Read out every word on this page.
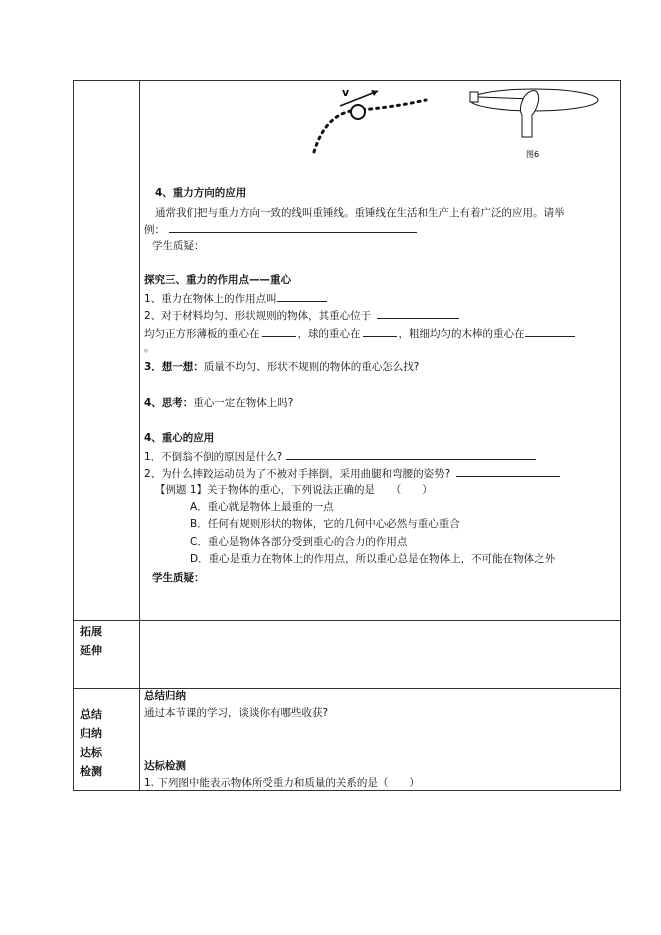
拓展
延伸
总结
归纳
达标
检测
v
图6
4、重力方向的应用
通常我们把与重力方向一致的线叫重锤线。重锤线在生活和生产上有着广泛的应用。请举
例：
学生质疑：
探究三、重力的作用点——重心
1、重力在物体上的作用点叫
2、对于材料均匀、形状规则的物体，其重心位于
均匀正方形薄板的重心在	，球的重心在	，粗细均匀的木棒的重心在
。
3．想一想：质量不均匀、形状不规则的物体的重心怎么找?
4、思考：重心一定在物体上吗?
4、重心的应用
1．不倒翁不倒的原因是什么?
2、为什么摔跤运动员为了不被对手摔倒，采用曲腿和弯腰的姿势?
【例题 1】关于物体的重心，下列说法正确的是　　（　　）
A．重心就是物体上最重的一点
B．任何有规则形状的物体，它的几何中心必然与重心重合
C．重心是物体各部分受到重心的合力的作用点
D．重心是重力在物体上的作用点，所以重心总是在物体上，不可能在物体之外
学生质疑：
总结归纳
通过本节课的学习，谈谈你有哪些收获?
达标检测
1. 下列图中能表示物体所受重力和质量的关系的是（　　）
